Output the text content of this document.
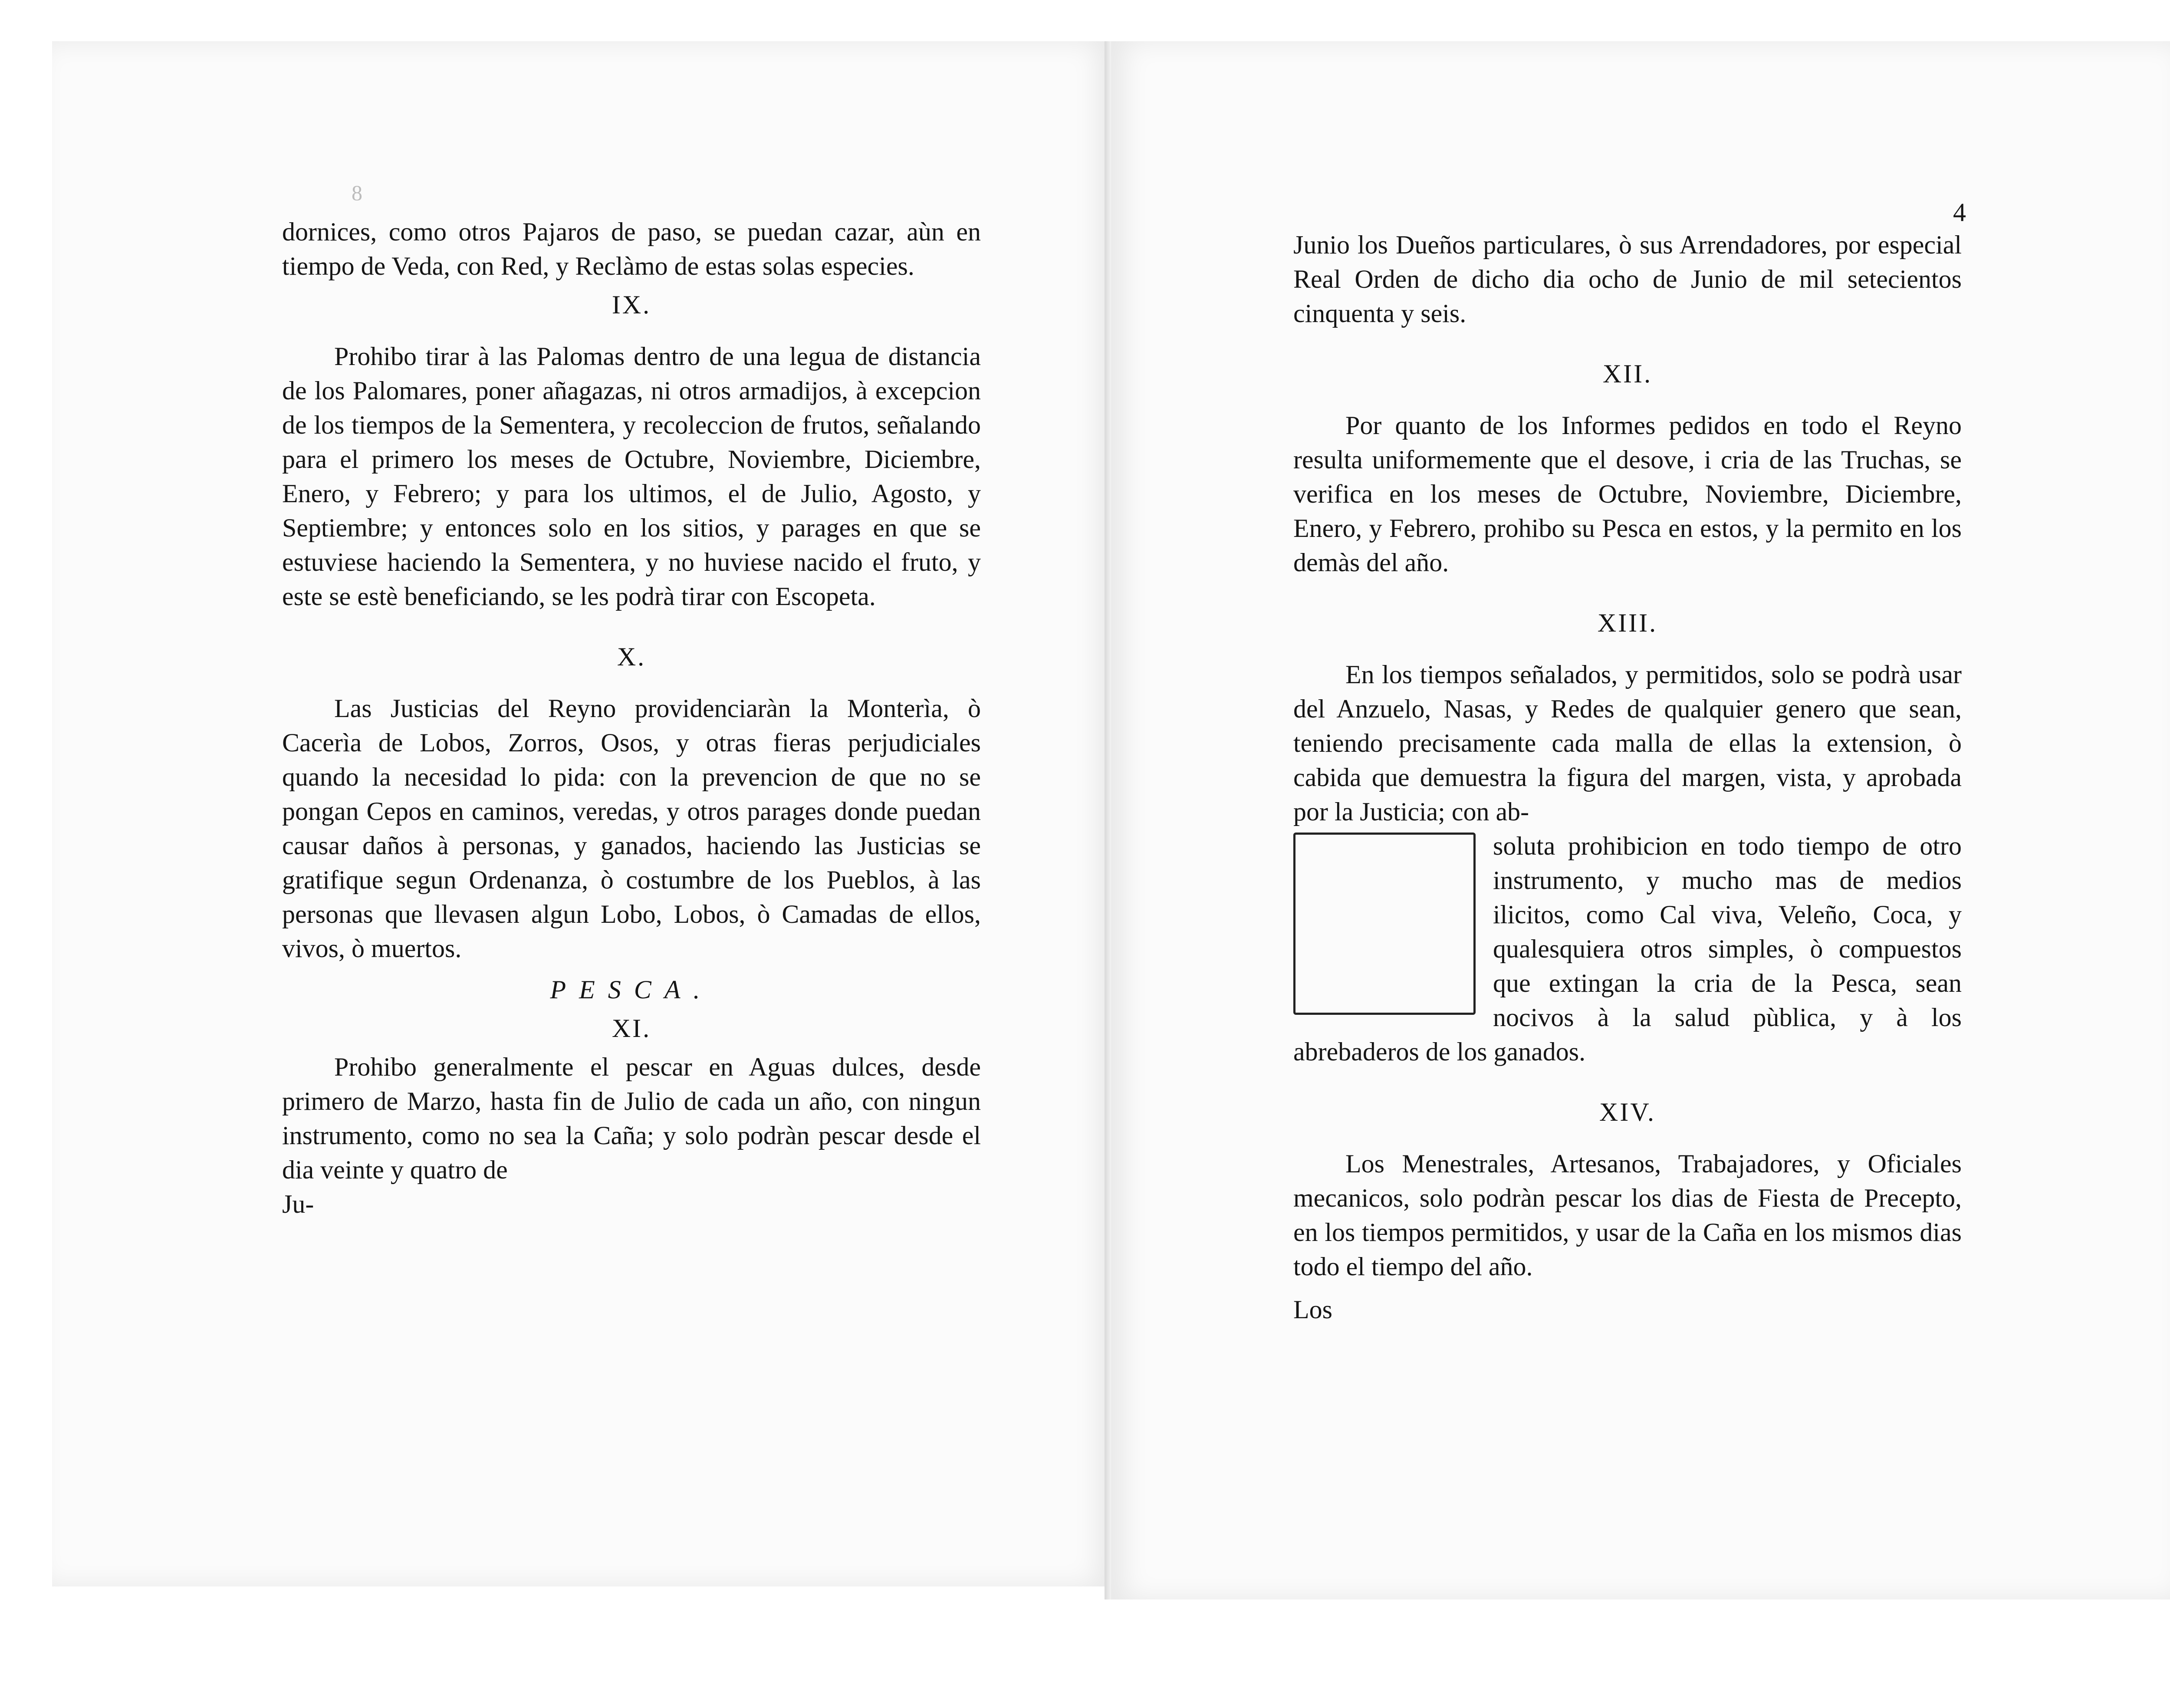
8

dornices, como otros Pajaros de paso, se puedan cazar, aùn en tiempo de Veda, con Red, y Reclàmo de estas solas especies.

IX.

Prohibo tirar à las Palomas dentro de una legua de distancia de los Palomares, poner añagazas, ni otros armadijos, à excepcion de los tiempos de la Sementera, y recoleccion de frutos, señalando para el primero los meses de Octubre, Noviembre, Diciembre, Enero, y Febrero; y para los ultimos, el de Julio, Agosto, y Septiembre; y entonces solo en los sitios, y parages en que se estuviese haciendo la Sementera, y no huviese nacido el fruto, y este se estè beneficiando, se les podrà tirar con Escopeta.

X.

Las Justicias del Reyno providenciaràn la Monterìa, ò Cacerìa de Lobos, Zorros, Osos, y otras fieras perjudiciales quando la necesidad lo pida: con la prevencion de que no se pongan Cepos en caminos, veredas, y otros parages donde puedan causar daños à personas, y ganados, haciendo las Justicias se gratifique segun Ordenanza, ò costumbre de los Pueblos, à las personas que llevasen algun Lobo, Lobos, ò Camadas de ellos, vivos, ò muertos.

PESCA.
XI.

Prohibo generalmente el pescar en Aguas dulces, desde primero de Marzo, hasta fin de Julio de cada un año, con ningun instrumento, como no sea la Caña; y solo podràn pescar desde el dia veinte y quatro de

Ju-

4

Junio los Dueños particulares, ò sus Arrendadores, por especial Real Orden de dicho dia ocho de Junio de mil setecientos cinquenta y seis.

XII.

Por quanto de los Informes pedidos en todo el Reyno resulta uniformemente que el desove, i cria de las Truchas, se verifica en los meses de Octubre, Noviembre, Diciembre, Enero, y Febrero, prohibo su Pesca en estos, y la permito en los demàs del año.

XIII.

En los tiempos señalados, y permitidos, solo se podrà usar del Anzuelo, Nasas, y Redes de qualquier genero que sean, teniendo precisamente cada malla de ellas la extension, ò cabida que demuestra la figura del margen, vista, y aprobada por la Justicia; con ab-

soluta prohibicion en todo tiempo de otro instrumento, y mucho mas de medios ilicitos, como Cal viva, Veleño, Coca, y qualesquiera otros simples, ò compuestos que extingan la cria de la Pesca, sean nocivos à la salud pùblica, y à los abrebaderos de los ganados.

XIV.

Los Menestrales, Artesanos, Trabajadores, y Oficiales mecanicos, solo podràn pescar los dias de Fiesta de Precepto, en los tiempos permitidos, y usar de la Caña en los mismos dias todo el tiempo del año.

Los
